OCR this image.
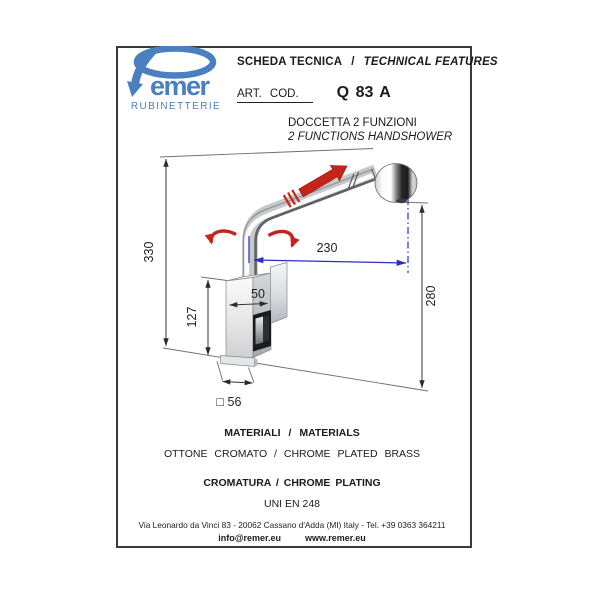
emer
RUBINETTERIE
SCHEDA TECNICA / TECHNICAL FEATURES
ART. COD.	Q 83 A
DOCCETTA 2 FUNZIONI
2 FUNCTIONS HANDSHOWER
330
127
50	280
□ 56
230
MATERIALI / MATERIALS
OTTONE CROMATO / CHROME PLATED BRASS
CROMATURA / CHROME PLATING
UNI EN 248
Via Leonardo da Vinci 83 - 20062 Cassano d'Adda (MI) Italy - Tel. +39 0363 364211
info@remer.eu	www.remer.eu
